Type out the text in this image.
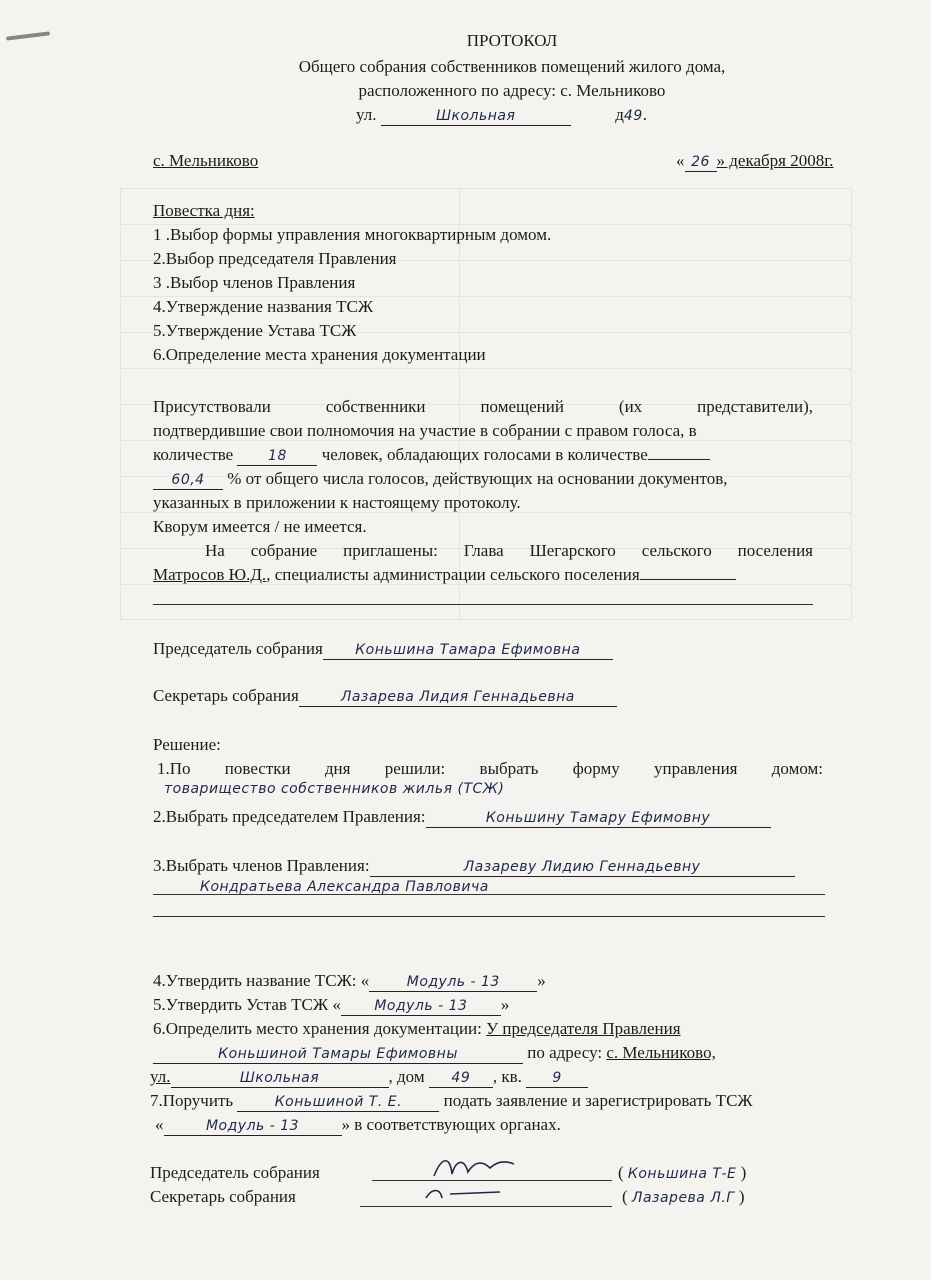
ПРОТОКОЛ
Общего собрания собственников помещений жилого дома,
расположенного по адресу: с. Мельниково
ул.	Школьная	д49.
с. Мельниково	« 26 » декабря 2008г.
Повестка дня:
1 .Выбор формы управления многоквартирным домом.
2.Выбор председателя Правления
3 .Выбор членов Правления
4.Утверждение названия ТСЖ
5.Утверждение Устава ТСЖ
6.Определение места хранения документации
Присутствовали собственники помещений (их представители),
подтвердившие свои полномочия на участие в собрании с правом голоса, в
количестве 18 человек, обладающих голосами в количестве
60,4 % от общего числа голосов, действующих на основании документов,
указанных в приложении к настоящему протоколу.
Кворум имеется / не имеется.
На собрание приглашены: Глава Шегарского сельского поселения
Матросов Ю.Д., специалисты администрации сельского поселения
Председатель собрания Коньшина Тамара Ефимовна
Секретарь собрания	Лазарева Лидия Геннадьевна
Решение:
1.По повестки дня решили: выбрать форму управления домом:
товарищество собственников жилья (ТСЖ)
2.Выбрать председателем Правления:	Коньшину Тамару Ефимовну
3.Выбрать членов Правления:	Лазареву Лидию Геннадьевну
Кондратьева Александра Павловича
4.Утвердить название ТСЖ: «	Модуль - 13 »
5.Утвердить Устав ТСЖ « Модуль - 13 »
6.Определить место хранения документации: У председателя Правления
Коньшиной Тамары Ефимовны	по адресу: с. Мельниково,
ул.	Школьная	, дом 49 , кв. 9
7.Поручить	Коньшиной Т. Е. подать заявление и зарегистрировать ТСЖ
«	Модуль - 13 » в соответствующих органах.
Председатель собрания	( Коньшина Т-Е )
Секретарь собрания	( Лазарева Л.Г )
